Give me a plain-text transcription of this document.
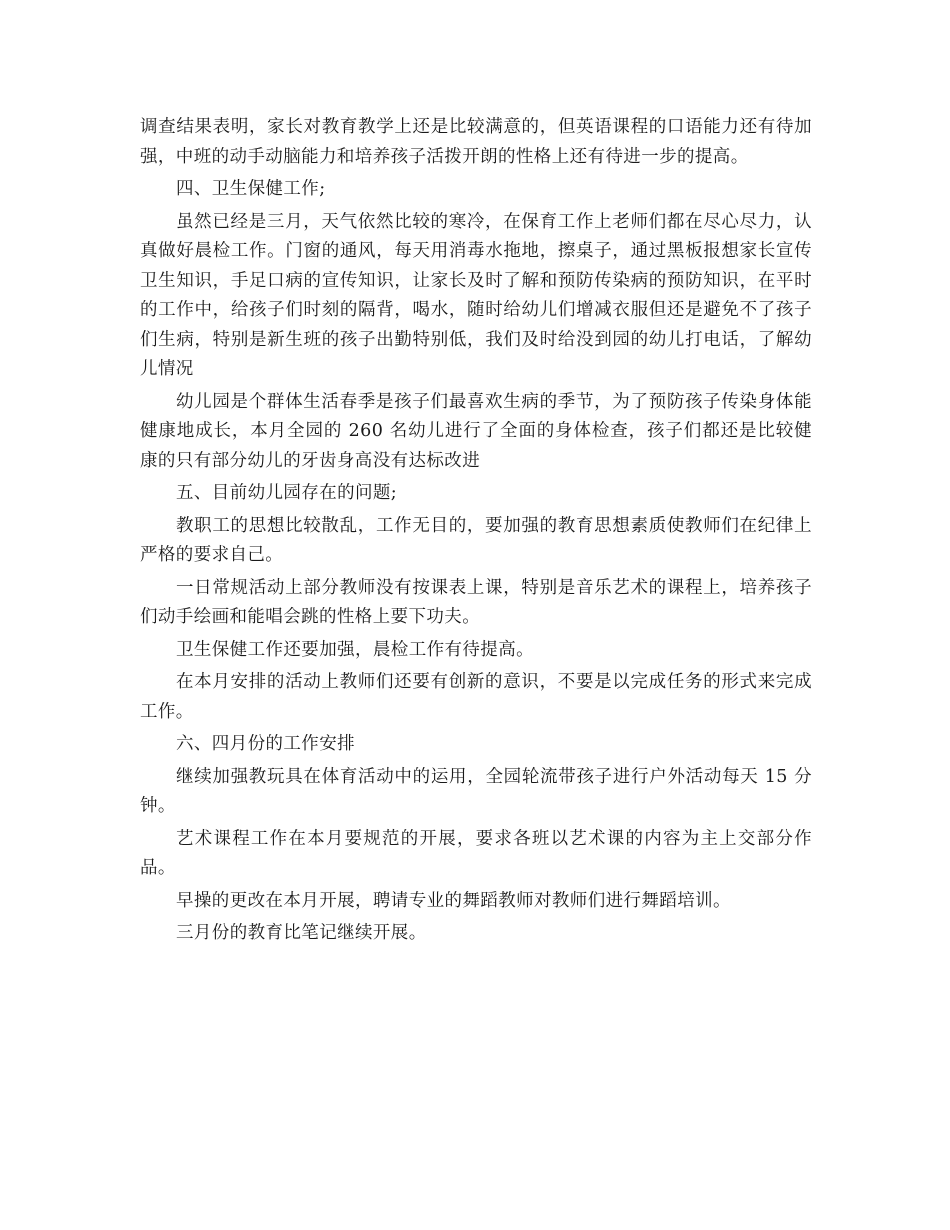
调查结果表明，家长对教育教学上还是比较满意的，但英语课程的口语能力还有待加强，中班的动手动脑能力和培养孩子活拨开朗的性格上还有待进一步的提高。

四、卫生保健工作;

虽然已经是三月，天气依然比较的寒冷，在保育工作上老师们都在尽心尽力，认真做好晨检工作。门窗的通风，每天用消毒水拖地，擦桌子，通过黑板报想家长宣传卫生知识，手足口病的宣传知识，让家长及时了解和预防传染病的预防知识，在平时的工作中，给孩子们时刻的隔背，喝水，随时给幼儿们增减衣服但还是避免不了孩子们生病，特别是新生班的孩子出勤特别低，我们及时给没到园的幼儿打电话，了解幼儿情况

幼儿园是个群体生活春季是孩子们最喜欢生病的季节，为了预防孩子传染身体能健康地成长，本月全园的 260 名幼儿进行了全面的身体检查，孩子们都还是比较健康的只有部分幼儿的牙齿身高没有达标改进

五、目前幼儿园存在的问题;

教职工的思想比较散乱，工作无目的，要加强的教育思想素质使教师们在纪律上严格的要求自己。

一日常规活动上部分教师没有按课表上课，特别是音乐艺术的课程上，培养孩子们动手绘画和能唱会跳的性格上要下功夫。

卫生保健工作还要加强，晨检工作有待提高。

在本月安排的活动上教师们还要有创新的意识，不要是以完成任务的形式来完成工作。

六、四月份的工作安排

继续加强教玩具在体育活动中的运用，全园轮流带孩子进行户外活动每天 15 分钟。

艺术课程工作在本月要规范的开展，要求各班以艺术课的内容为主上交部分作品。

早操的更改在本月开展，聘请专业的舞蹈教师对教师们进行舞蹈培训。

三月份的教育比笔记继续开展。
